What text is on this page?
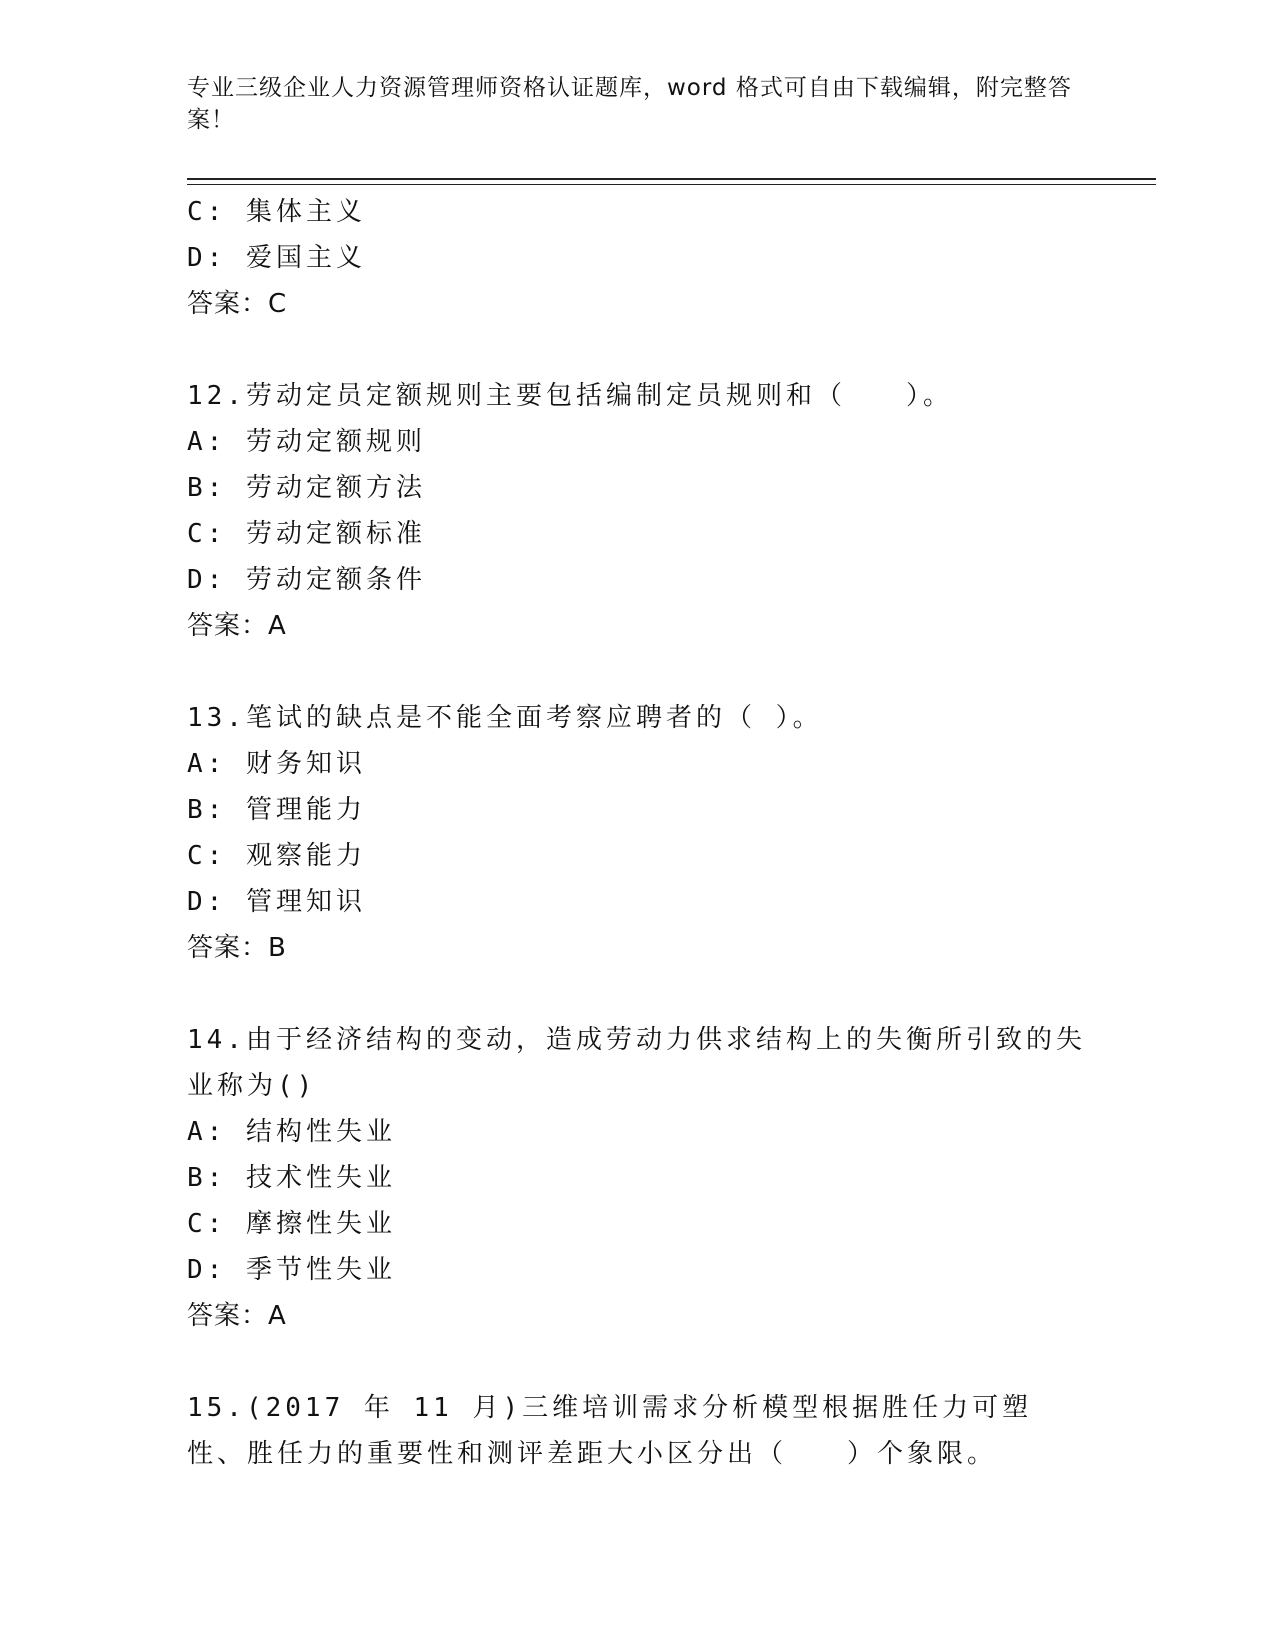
专业三级企业人力资源管理师资格认证题库，word 格式可自由下载编辑，附完整答案！
C: 集体主义
D: 爱国主义
答案：C
12.劳动定员定额规则主要包括编制定员规则和（　　）。
A: 劳动定额规则
B: 劳动定额方法
C: 劳动定额标准
D: 劳动定额条件
答案：A
13.笔试的缺点是不能全面考察应聘者的（ ）。
A: 财务知识
B: 管理能力
C: 观察能力
D: 管理知识
答案：B
14.由于经济结构的变动，造成劳动力供求结构上的失衡所引致的失业称为()
A: 结构性失业
B: 技术性失业
C: 摩擦性失业
D: 季节性失业
答案：A
15.(2017 年 11 月)三维培训需求分析模型根据胜任力可塑性、胜任力的重要性和测评差距大小区分出（　　）个象限。
